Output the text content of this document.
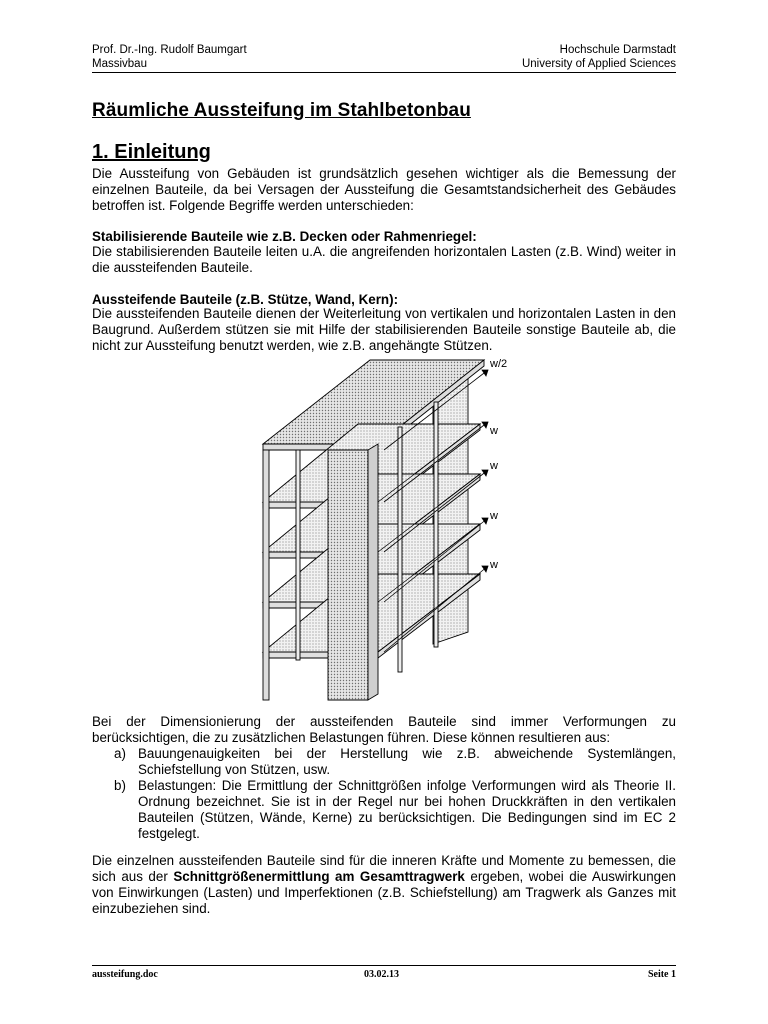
Prof. Dr.-Ing. Rudolf Baumgart	Hochschule Darmstadt
Massivbau	University of Applied Sciences
Räumliche Aussteifung im Stahlbetonbau
1. Einleitung

Die Aussteifung von Gebäuden ist grundsätzlich gesehen wichtiger als die Bemessung der einzelnen Bauteile, da bei Versagen der Aussteifung die Gesamtstandsicherheit des Gebäudes betroffen ist. Folgende Begriffe werden unterschieden:

Stabilisierende Bauteile wie z.B. Decken oder Rahmenriegel:

Die stabilisierenden Bauteile leiten u.A. die angreifenden horizontalen Lasten (z.B. Wind) weiter in die aussteifenden Bauteile.

Aussteifende Bauteile (z.B. Stütze, Wand, Kern):

Die aussteifenden Bauteile dienen der Weiterleitung von vertikalen und horizontalen Lasten in den Baugrund. Außerdem stützen sie mit Hilfe der stabilisierenden Bauteile sonstige Bauteile ab, die nicht zur Aussteifung benutzt werden, wie z.B. angehängte Stützen.

w/2
w
w
w
w

Bei der Dimensionierung der aussteifenden Bauteile sind immer Verformungen zu berücksichtigen, die zu zusätzlichen Belastungen führen. Diese können resultieren aus:

a) Bauungenauigkeiten bei der Herstellung wie z.B. abweichende Systemlängen, Schiefstellung von Stützen, usw.
b) Belastungen: Die Ermittlung der Schnittgrößen infolge Verformungen wird als Theorie II. Ordnung bezeichnet. Sie ist in der Regel nur bei hohen Druckkräften in den vertikalen Bauteilen (Stützen, Wände, Kerne) zu berücksichtigen. Die Bedingungen sind im EC 2 festgelegt.

Die einzelnen aussteifenden Bauteile sind für die inneren Kräfte und Momente zu bemessen, die sich aus der Schnittgrößenermittlung am Gesamttragwerk ergeben, wobei die Auswirkungen von Einwirkungen (Lasten) und Imperfektionen (z.B. Schiefstellung) am Tragwerk als Ganzes mit einzubeziehen sind.

aussteifung.doc	03.02.13	Seite 1
